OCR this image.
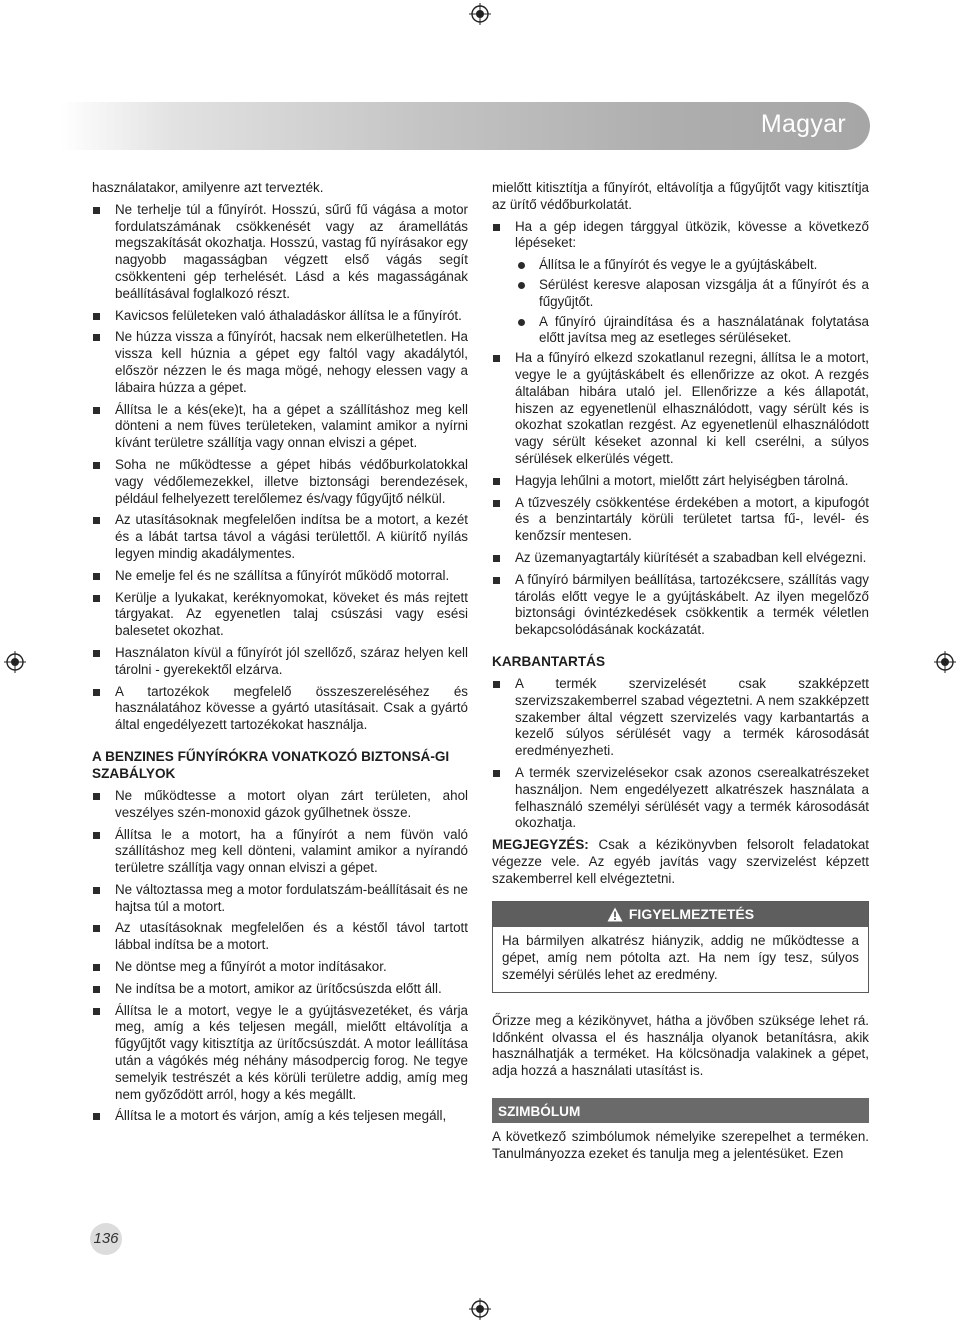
Magyar

használatakor, amilyenre azt tervezték.

Ne terhelje túl a fűnyírót. Hosszú, sűrű fű vágása a motor fordulatszámának csökkenését vagy az áramellátás megszakítását okozhatja. Hosszú, vastag fű nyírásakor egy nagyobb magasságban végzett első vágás segít csökkenteni gép terhelését. Lásd a kés magasságának beállításával foglalkozó részt.
Kavicsos felületeken való áthaladáskor állítsa le a fűnyírót.
Ne húzza vissza a fűnyírót, hacsak nem elkerülhetetlen. Ha vissza kell húznia a gépet egy faltól vagy akadálytól, először nézzen le és maga mögé, nehogy elessen vagy a lábaira húzza a gépet.
Állítsa le a kés(eke)t, ha a gépet a szállításhoz meg kell dönteni a nem füves területeken, valamint amikor a nyírni kívánt területre szállítja vagy onnan elviszi a gépet.
Soha ne működtesse a gépet hibás védőburkolatokkal vagy védőlemezekkel, illetve biztonsági berendezések, például felhelyezett terelőlemez és/vagy fűgyűjtő nélkül.
Az utasításoknak megfelelően indítsa be a motort, a kezét és a lábát tartsa távol a vágási területtől. A kiürítő nyílás legyen mindig akadálymentes.
Ne emelje fel és ne szállítsa a fűnyírót működő motorral.
Kerülje a lyukakat, keréknyomokat, köveket és más rejtett tárgyakat. Az egyenetlen talaj csúszási vagy esési balesetet okozhat.
Használaton kívül a fűnyírót jól szellőző, száraz helyen kell tárolni - gyerekektől elzárva.
A tartozékok megfelelő összeszereléséhez és használatához kövesse a gyártó utasításait. Csak a gyártó által engedélyezett tartozékokat használja.
A BENZINES FŰNYÍRÓKRA VONATKOZÓ BIZTONSÁ-GI SZABÁLYOK
Ne működtesse a motort olyan zárt területen, ahol veszélyes szén-monoxid gázok gyűlhetnek össze.
Állítsa le a motort, ha a fűnyírót a nem füvön való szállításhoz meg kell dönteni, valamint amikor a nyírandó területre szállítja vagy onnan elviszi a gépet.
Ne változtassa meg a motor fordulatszám-beállításait és ne hajtsa túl a motort.
Az utasításoknak megfelelően és a késtől távol tartott lábbal indítsa be a motort.
Ne döntse meg a fűnyírót a motor indításakor.
Ne indítsa be a motort, amikor az ürítőcsúszda előtt áll.
Állítsa le a motort, vegye le a gyújtásvezetéket, és várja meg, amíg a kés teljesen megáll, mielőtt eltávolítja a fűgyűjtőt vagy kitisztítja az ürítőcsúszdát. A motor leállítása után a vágókés még néhány másodpercig forog. Ne tegye semelyik testrészét a kés körüli területre addig, amíg meg nem győződött arról, hogy a kés megállt.
Állítsa le a motort és várjon, amíg a kés teljesen megáll,

mielőtt kitisztítja a fűnyírót, eltávolítja a fűgyűjtőt vagy kitisztítja az ürítő védőburkolatát.

Ha a gép idegen tárggyal ütközik, kövesse a következő lépéseket:
Állítsa le a fűnyírót és vegye le a gyújtáskábelt.
Sérülést keresve alaposan vizsgálja át a fűnyírót és a fűgyűjtőt.
A fűnyíró újraindítása és a használatának folytatása előtt javítsa meg az esetleges sérüléseket.
Ha a fűnyíró elkezd szokatlanul rezegni, állítsa le a motort, vegye le a gyújtáskábelt és ellenőrizze az okot. A rezgés általában hibára utaló jel. Ellenőrizze a kés állapotát, hiszen az egyenetlenül elhasználódott, vagy sérült kés is okozhat szokatlan rezgést. Az egyenetlenül elhasználódott vagy sérült késeket azonnal ki kell cserélni, a súlyos sérülések elkerülés végett.
Hagyja lehűlni a motort, mielőtt zárt helyiségben tárolná.
A tűzveszély csökkentése érdekében a motort, a kipufogót és a benzintartály körüli területet tartsa fű-, levél- és kenőzsír mentesen.
Az üzemanyagtartály kiürítését a szabadban kell elvégezni.
A fűnyíró bármilyen beállítása, tartozékcsere, szállítás vagy tárolás előtt vegye le a gyújtáskábelt. Az ilyen megelőző biztonsági óvintézkedések csökkentik a termék véletlen bekapcsolódásának kockázatát.
KARBANTARTÁS
A termék szervizelését csak szakképzett szervizszakemberrel szabad végeztetni. A nem szakképzett szakember által végzett szervizelés vagy karbantartás a kezelő súlyos sérülését vagy a termék károsodását eredményezheti.
A termék szervizelésekor csak azonos cserealkatrészeket használjon. Nem engedélyezett alkatrészek használata a felhasználó személyi sérülését vagy a termék károsodását okozhatja.

MEGJEGYZÉS: Csak a kézikönyvben felsorolt feladatokat végezze vele. Az egyéb javítás vagy szervizelést képzett szakemberrel kell elvégeztetni.

FIGYELMEZTETÉS
Ha bármilyen alkatrész hiányzik, addig ne működtesse a gépet, amíg nem pótolta azt. Ha nem így tesz, súlyos személyi sérülés lehet az eredmény.

Őrizze meg a kézikönyvet, hátha a jövőben szüksége lehet rá. Időnként olvassa el és használja olyanok betanításra, akik használhatják a terméket. Ha kölcsönadja valakinek a gépet, adja hozzá a használati utasítást is.

SZIMBÓLUM

A következő szimbólumok némelyike szerepelhet a terméken. Tanulmányozza ezeket és tanulja meg a jelentésüket. Ezen

136
